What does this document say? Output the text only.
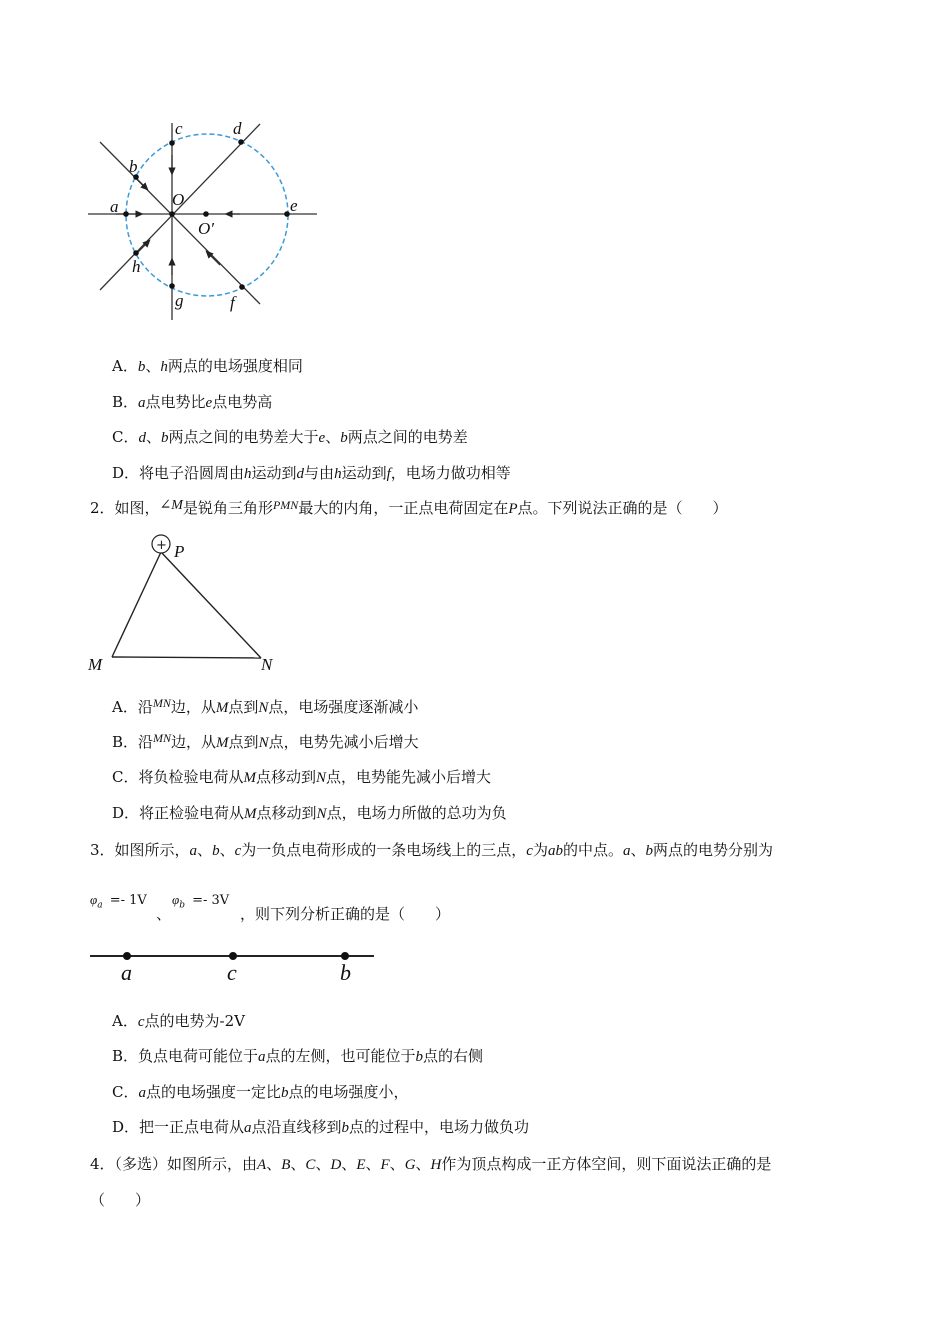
a
b
c	d
e
f
g
h
O
O′
A．b、h两点的电场强度相同
B．a点电势比e点电势高
C．d、b两点之间的电势差大于e、b两点之间的电势差
D．将电子沿圆周由h运动到d与由h运动到f，电场力做功相等
2．如图，∠M是锐角三角形$^{PMN}$最大的内角，一正点电荷固定在P点。下列说法正确的是（　　）
+ P
M	N
A．沿$^{MN}$边，从M点到N点，电场强度逐渐减小
B．沿$^{MN}$边，从M点到N点，电势先减小后增大
C．将负检验电荷从M点移动到N点，电势能先减小后增大
D．将正检验电荷从M点移动到N点，电场力所做的总功为负
3．如图所示，a、b、c为一负点电荷形成的一条电场线上的三点，c为ab的中点。a、b两点的电势分别为
$\varphi_a =- 1V$ $\varphi_b =- 3V$
、	，则下列分析正确的是（　　）
a	c	b
A．c点的电势为-2V
B．负点电荷可能位于a点的左侧，也可能位于b点的右侧
C．a点的电场强度一定比b点的电场强度小，
D．把一正点电荷从a点沿直线移到b点的过程中，电场力做负功
4．（多选）如图所示，由A、B、C、D、E、F、G、H作为顶点构成一正方体空间，则下面说法正确的是
（　　）
